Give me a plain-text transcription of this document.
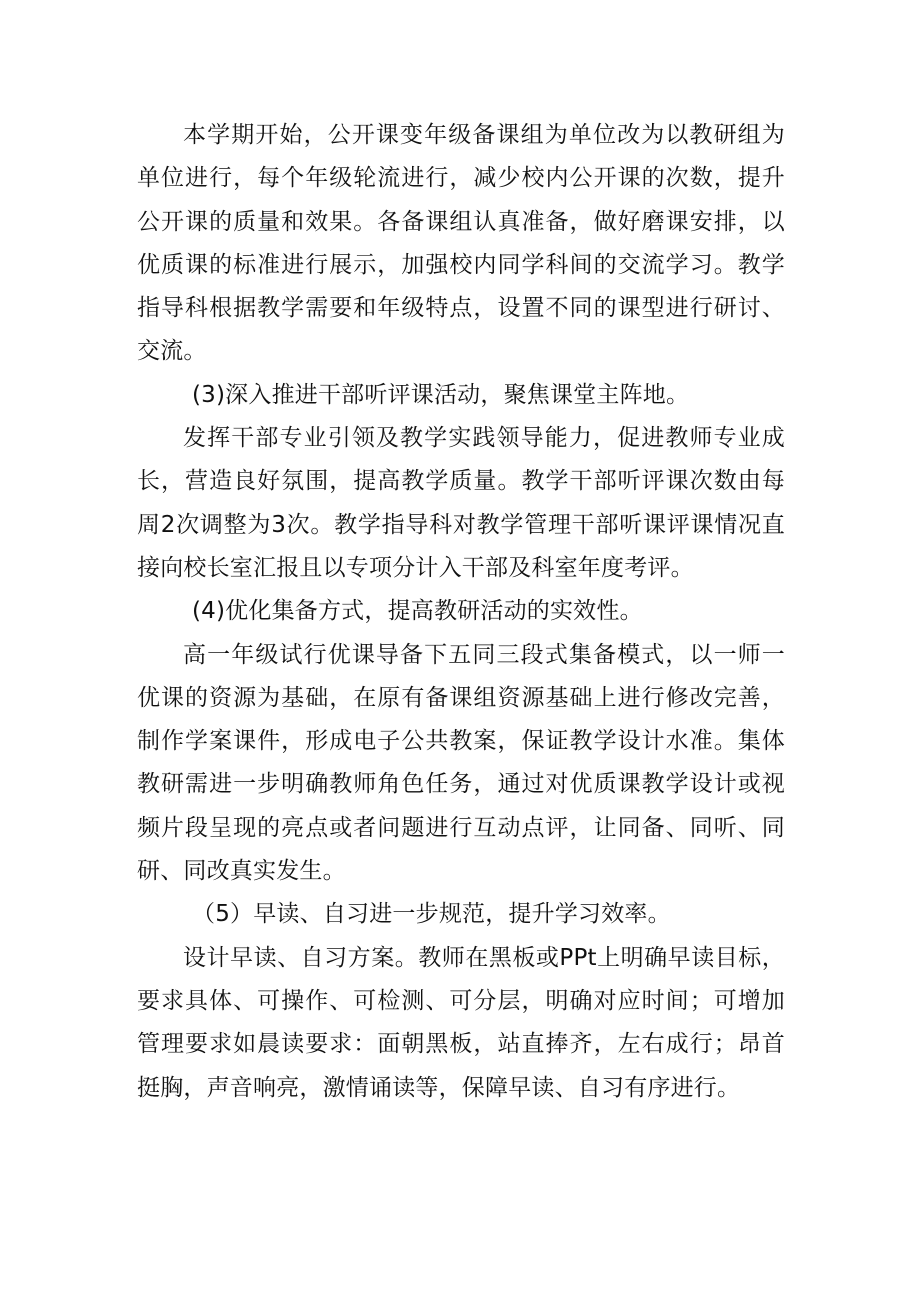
本学期开始，公开课变年级备课组为单位改为以教研组为单位进行，每个年级轮流进行，减少校内公开课的次数，提升公开课的质量和效果。各备课组认真准备，做好磨课安排，以优质课的标准进行展示，加强校内同学科间的交流学习。教学指导科根据教学需要和年级特点，设置不同的课型进行研讨、交流。

(3)深入推进干部听评课活动，聚焦课堂主阵地。

发挥干部专业引领及教学实践领导能力，促进教师专业成长，营造良好氛围，提高教学质量。教学干部听评课次数由每周2次调整为3次。教学指导科对教学管理干部听课评课情况直接向校长室汇报且以专项分计入干部及科室年度考评。

(4)优化集备方式，提高教研活动的实效性。

高一年级试行优课导备下五同三段式集备模式，以一师一优课的资源为基础，在原有备课组资源基础上进行修改完善，制作学案课件，形成电子公共教案，保证教学设计水准。集体教研需进一步明确教师角色任务，通过对优质课教学设计或视频片段呈现的亮点或者问题进行互动点评，让同备、同听、同研、同改真实发生。

（5）早读、自习进一步规范，提升学习效率。

设计早读、自习方案。教师在黑板或PPt上明确早读目标，要求具体、可操作、可检测、可分层，明确对应时间；可增加管理要求如晨读要求：面朝黑板，站直捧齐，左右成行；昂首挺胸，声音响亮，激情诵读等，保障早读、自习有序进行。
